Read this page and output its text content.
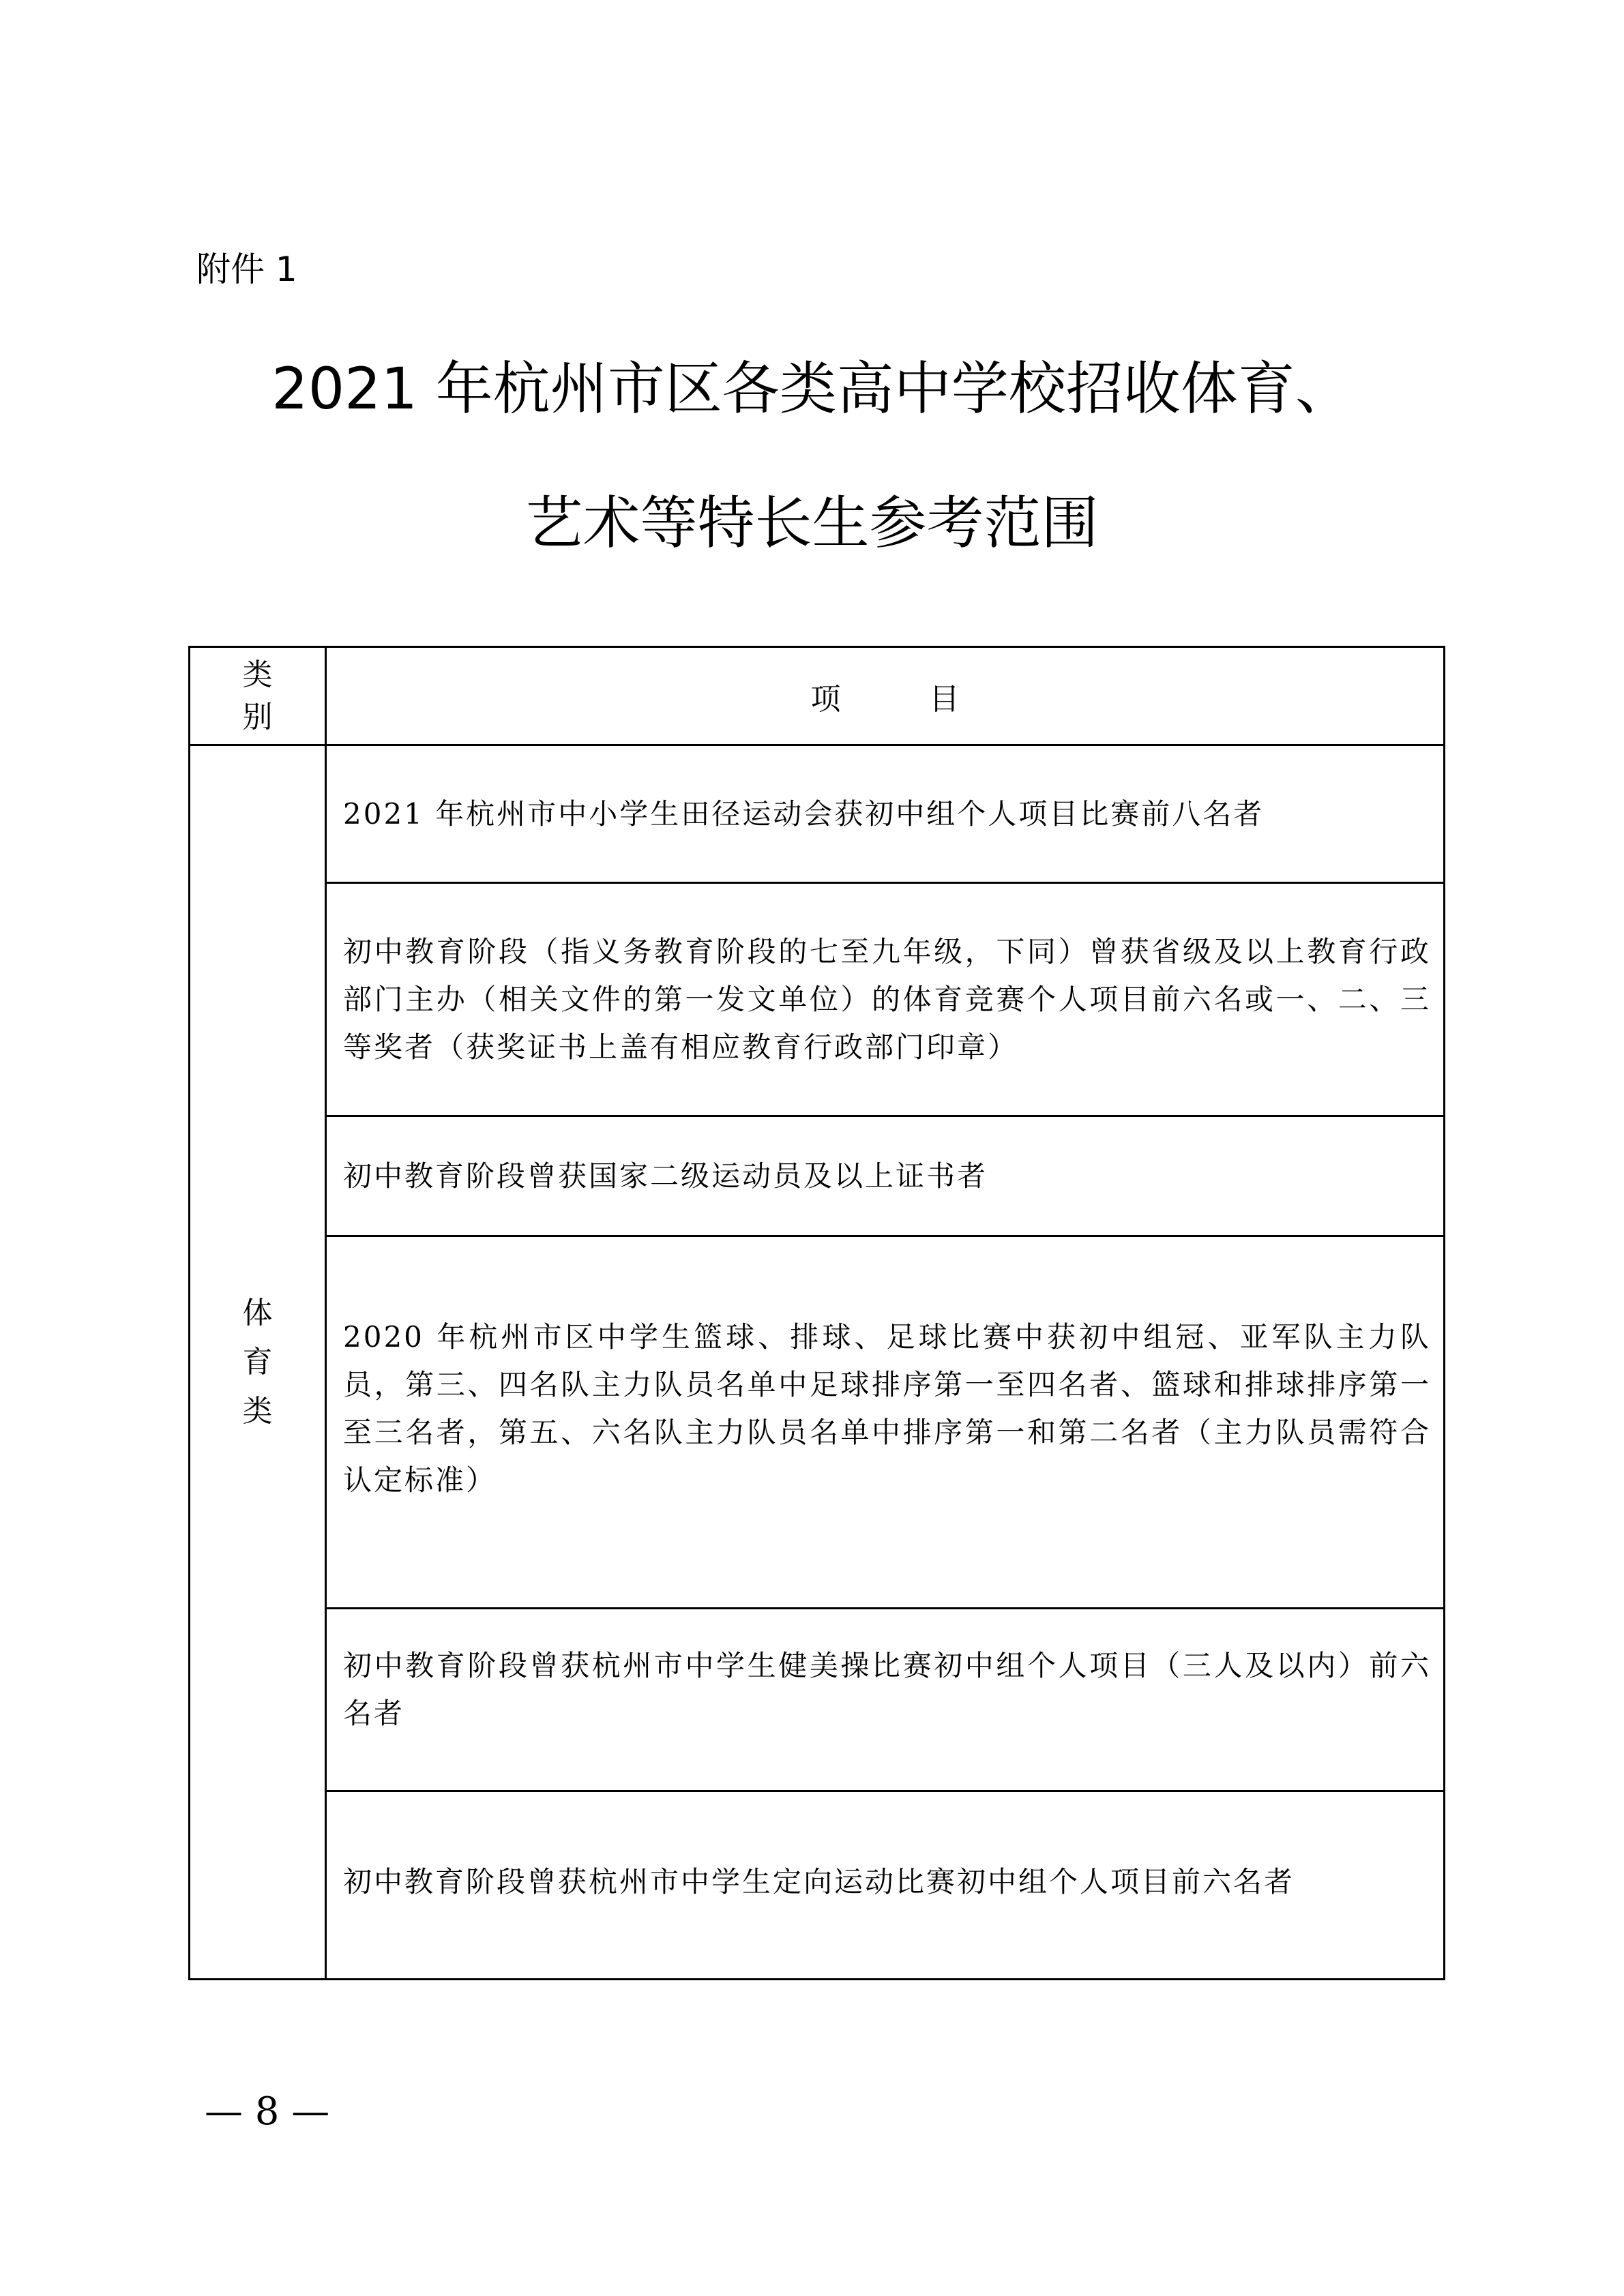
附件 1
2021 年杭州市区各类高中学校招收体育、
艺术等特长生参考范围
类别	项目
体育类	2021 年杭州市中小学生田径运动会获初中组个人项目比赛前八名者

	初中教育阶段（指义务教育阶段的七至九年级，下同）曾获省级及以上教育行政部门主办（相关文件的第一发文单位）的体育竞赛个人项目前六名或一、二、三等奖者（获奖证书上盖有相应教育行政部门印章）

	初中教育阶段曾获国家二级运动员及以上证书者

	2020 年杭州市区中学生篮球、排球、足球比赛中获初中组冠、亚军队主力队员，第三、四名队主力队员名单中足球排序第一至四名者、篮球和排球排序第一至三名者，第五、六名队主力队员名单中排序第一和第二名者（主力队员需符合认定标准）

	初中教育阶段曾获杭州市中学生健美操比赛初中组个人项目（三人及以内）前六名者

	初中教育阶段曾获杭州市中学生定向运动比赛初中组个人项目前六名者
— 8 —
